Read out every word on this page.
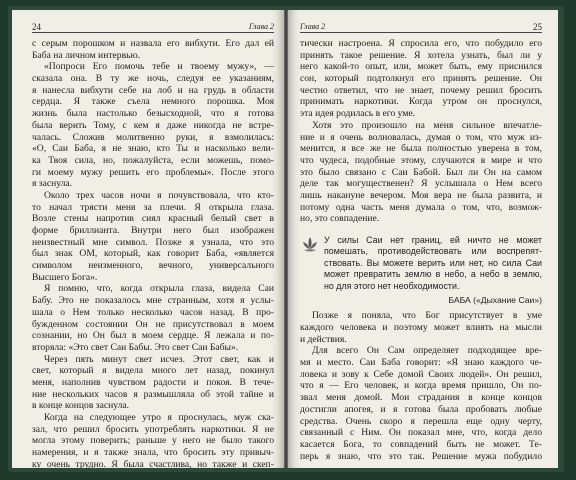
24	Глава 2
с серым порошком и назвала его вибхути. Его дал ей
Баба на личном интервью.
«Попроси Его помочь тебе и твоему мужу», —
сказала она. В ту же ночь, следуя ее указаниям,
я нанесла вибхути себе на лоб и на грудь в области
сердца. Я также съела немного порошка. Моя
жизнь была настолько безысходной, что я готова
была верить Тому, с кем я даже никогда не встре-
чалась. Сложив молитвенно руки, я взмолилась:
«О, Саи Баба, я не знаю, кто Ты и насколько вели-
ка Твоя сила, но, пожалуйста, если можешь, помо-
ги моему мужу решить его проблемы». После этого
я заснула.
Около трех часов ночи я почувствовала, что кто-
то начал трясти меня за плечи. Я открыла глаза.
Возле стены напротив сиял красный белый свет в
форме бриллианта. Внутри него был изображен
неизвестный мне символ. Позже я узнала, что это
был знак ОМ, который, как говорит Баба, «является
символом неизменного, вечного, универсального
Высшего Бога».
Я помню, что, когда открыла глаза, видела Саи
Бабу. Это не показалось мне странным, хотя я услы-
шала о Нем только несколько часов назад. В про-
бужденном состоянии Он не присутствовал в моем
сознании, но Он был в моем сердце. Я лежала и по-
вторяла: «Это свет Саи Бабы. Это свет Саи Бабы».
Через пять минут свет исчез. Этот свет, как и
свет, который я видела много лет назад, покинул
меня, наполнив чувством радости и покоя. В тече-
ние нескольких часов я размышляла об этой тайне и
в конце концов заснула.
Когда на следующее утро я проснулась, муж ска-
зал, что решил бросить употреблять наркотики. Я не
могла этому поверить; раньше у него не было такого
намерения, и я также знала, что бросить эту привыч-
ку очень трудно. Я была счастлива, но также и скеп-
Глава 2	25
тически настроена. Я спросила его, что побудило его
принять такое решение. Я хотела узнать, был ли у
него какой-то опыт, или, может быть, ему приснился
сон, который подтолкнул его принять решение. Он
честно ответил, что не знает, почему решил бросить
принимать наркотики. Когда утром он проснулся,
эта идея родилась в его уме.
Хотя это произошло на меня сильное впечатле-
ние и я очень волновалась, думая о том, что муж из-
менится, я все же не была полностью уверена в том,
что чудеса, подобные этому, случаются в мире и что
это было связано с Саи Бабой. Был ли Он на самом
деле так могущественен? Я услышала о Нем всего
лишь накануне вечером. Моя вера не была развита, и
потому одна часть меня думала о том, что, возмож-
но, это совпадение.
У силы Саи нет границ, ей ничто не может
помешать, противодействовать или воспрепят-
ствовать. Вы можете верить или нет, но сила Саи
может превратить землю в небо, а небо в землю,
но для этого нет необходимости.
БАБА («Дыхание Саи»)
Позже я поняла, что Бог присутствует в уме
каждого человека и поэтому может влиять на мысли
и действия.
Для всего Он Сам определяет подходящее вре-
мя и место. Саи Баба говорит: «Я знаю каждого че-
ловека и зову к Себе домой Своих людей». Он решил,
что я — Его человек, и когда время пришло, Он по-
звал меня домой. Мои страдания в конце концов
достигли апогея, и я готова была пробовать любые
средства. Очень скоро я перешла еще одну черту,
связанный с Ним. Он показал мне, что, когда дело
касается Бога, то совпадений быть не может. Те-
перь я знаю, что это так. Решение мужа побудило
